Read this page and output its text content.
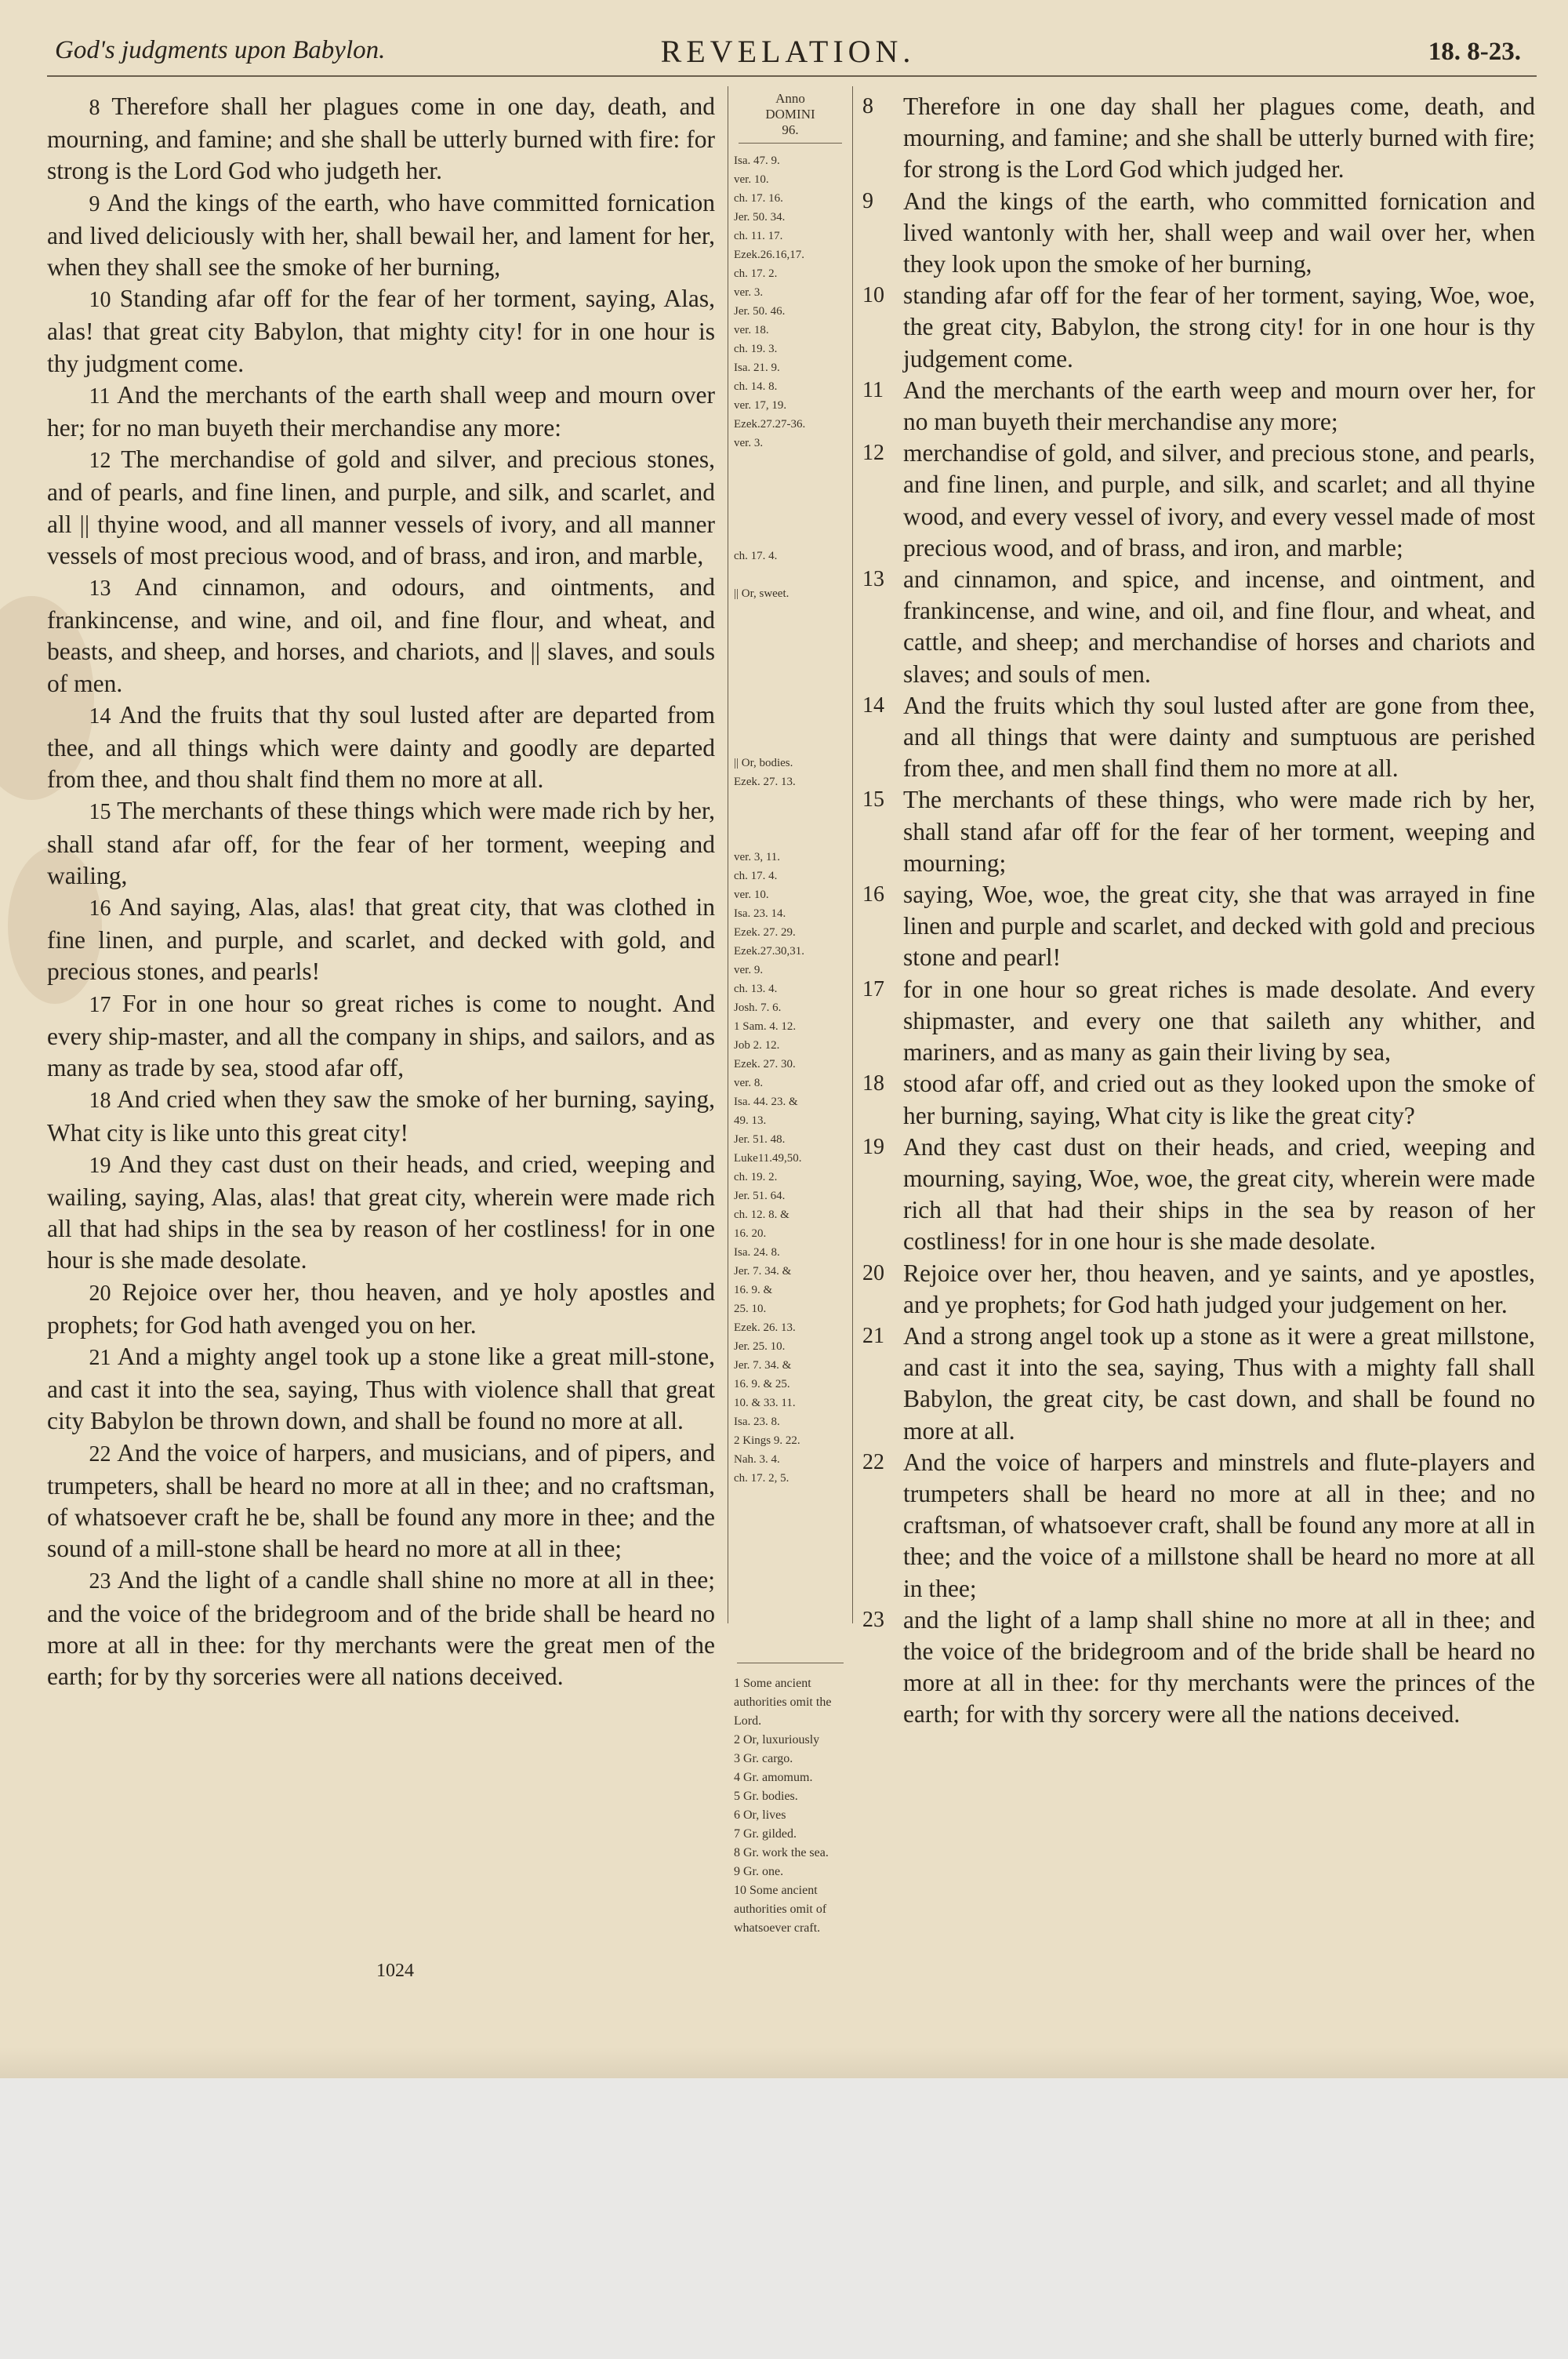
God's judgments upon Babylon.	REVELATION.	18. 8-23.

8 Therefore shall her plagues come in one day, death, and mourning, and famine; and she shall be utterly burned with fire: for strong is the Lord God who judgeth her.

9 And the kings of the earth, who have committed fornication and lived deliciously with her, shall bewail her, and lament for her, when they shall see the smoke of her burning,

10 Standing afar off for the fear of her torment, saying, Alas, alas! that great city Babylon, that mighty city! for in one hour is thy judgment come.

11 And the merchants of the earth shall weep and mourn over her; for no man buyeth their merchandise any more:

12 The merchandise of gold and silver, and precious stones, and of pearls, and fine linen, and purple, and silk, and scarlet, and all || thyine wood, and all manner vessels of ivory, and all manner vessels of most precious wood, and of brass, and iron, and marble,

13 And cinnamon, and odours, and ointments, and frankincense, and wine, and oil, and fine flour, and wheat, and beasts, and sheep, and horses, and chariots, and || slaves, and souls of men.

14 And the fruits that thy soul lusted after are departed from thee, and all things which were dainty and goodly are departed from thee, and thou shalt find them no more at all.

15 The merchants of these things which were made rich by her, shall stand afar off, for the fear of her torment, weeping and wailing,

16 And saying, Alas, alas! that great city, that was clothed in fine linen, and purple, and scarlet, and decked with gold, and precious stones, and pearls!

17 For in one hour so great riches is come to nought. And every ship-master, and all the company in ships, and sailors, and as many as trade by sea, stood afar off,

18 And cried when they saw the smoke of her burning, saying, What city is like unto this great city!

19 And they cast dust on their heads, and cried, weeping and wailing, saying, Alas, alas! that great city, wherein were made rich all that had ships in the sea by reason of her costliness! for in one hour is she made desolate.

20 Rejoice over her, thou heaven, and ye holy apostles and prophets; for God hath avenged you on her.

21 And a mighty angel took up a stone like a great mill-stone, and cast it into the sea, saying, Thus with violence shall that great city Babylon be thrown down, and shall be found no more at all.

22 And the voice of harpers, and musicians, and of pipers, and trumpeters, shall be heard no more at all in thee; and no craftsman, of whatsoever craft he be, shall be found any more in thee; and the sound of a mill-stone shall be heard no more at all in thee;

23 And the light of a candle shall shine no more at all in thee; and the voice of the bridegroom and of the bride shall be heard no more at all in thee: for thy merchants were the great men of the earth; for by thy sorceries were all nations deceived.

Anno
DOMINI
96.
Isa. 47. 9.
ver. 10.
ch. 17. 16.
Jer. 50. 34.
ch. 11. 17.
Ezek.26.16,17.
ch. 17. 2.
ver. 3.
Jer. 50. 46.
ver. 18.
ch. 19. 3.
Isa. 21. 9.
ch. 14. 8.
ver. 17, 19.
Ezek.27.27-36.
ver. 3.

ch. 17. 4.

|| Or, sweet.

|| Or, bodies.
Ezek. 27. 13.

ver. 3, 11.
ch. 17. 4.
ver. 10.
Isa. 23. 14.
Ezek. 27. 29.
Ezek.27.30,31.
ver. 9.
ch. 13. 4.
Josh. 7. 6.
1 Sam. 4. 12.
Job 2. 12.
Ezek. 27. 30.
ver. 8.
Isa. 44. 23. &
49. 13.
Jer. 51. 48.
Luke11.49,50.
ch. 19. 2.
Jer. 51. 64.
ch. 12. 8. &
16. 20.
Isa. 24. 8.
Jer. 7. 34. &
16. 9. &
25. 10.
Ezek. 26. 13.
Jer. 25. 10.
Jer. 7. 34. &
16. 9. & 25.
10. & 33. 11.
Isa. 23. 8.
2 Kings 9. 22.
Nah. 3. 4.
ch. 17. 2, 5.
1 Some ancient authorities omit the Lord.
2 Or, luxuriously
3 Gr. cargo.
4 Gr. amomum.
5 Gr. bodies.
6 Or, lives
7 Gr. gilded.
8 Gr. work the sea.
9 Gr. one.
10 Some ancient authorities omit of whatsoever craft.

8 Therefore in one day shall her plagues come, death, and mourning, and famine; and she shall be utterly burned with fire; for strong is the Lord God which judged her.

9 And the kings of the earth, who committed fornication and lived wantonly with her, shall weep and wail over her, when they look upon the smoke of her burning,

10 standing afar off for the fear of her torment, saying, Woe, woe, the great city, Babylon, the strong city! for in one hour is thy judgement come.

11 And the merchants of the earth weep and mourn over her, for no man buyeth their merchandise any more;

12 merchandise of gold, and silver, and precious stone, and pearls, and fine linen, and purple, and silk, and scarlet; and all thyine wood, and every vessel of ivory, and every vessel made of most precious wood, and of brass, and iron, and marble;

13 and cinnamon, and spice, and incense, and ointment, and frankincense, and wine, and oil, and fine flour, and wheat, and cattle, and sheep; and merchandise of horses and chariots and slaves; and souls of men.

14 And the fruits which thy soul lusted after are gone from thee, and all things that were dainty and sumptuous are perished from thee, and men shall find them no more at all.

15 The merchants of these things, who were made rich by her, shall stand afar off for the fear of her torment, weeping and mourning;

16 saying, Woe, woe, the great city, she that was arrayed in fine linen and purple and scarlet, and decked with gold and precious stone and pearl!

17 for in one hour so great riches is made desolate. And every shipmaster, and every one that saileth any whither, and mariners, and as many as gain their living by sea,

18 stood afar off, and cried out as they looked upon the smoke of her burning, saying, What city is like the great city?

19 And they cast dust on their heads, and cried, weeping and mourning, saying, Woe, woe, the great city, wherein were made rich all that had their ships in the sea by reason of her costliness! for in one hour is she made desolate.

20 Rejoice over her, thou heaven, and ye saints, and ye apostles, and ye prophets; for God hath judged your judgement on her.

21 And a strong angel took up a stone as it were a great millstone, and cast it into the sea, saying, Thus with a mighty fall shall Babylon, the great city, be cast down, and shall be found no more at all.

22 And the voice of harpers and minstrels and flute-players and trumpeters shall be heard no more at all in thee; and no craftsman, of whatsoever craft, shall be found any more at all in thee; and the voice of a millstone shall be heard no more at all in thee;

23 and the light of a lamp shall shine no more at all in thee; and the voice of the bridegroom and of the bride shall be heard no more at all in thee: for thy merchants were the princes of the earth; for with thy sorcery were all the nations deceived.

1024
